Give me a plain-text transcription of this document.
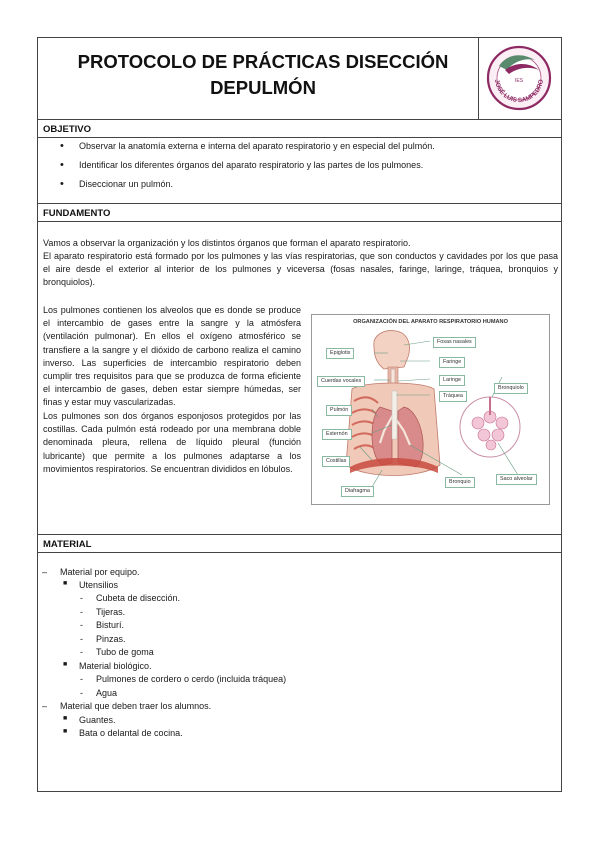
PROTOCOLO DE PRÁCTICAS DISECCIÓN
DEPULMÓN	IES
JOSÉ LUIS SAMPEDRO
OBJETIVO
FUNDAMENTO
Vamos a observar la organización y los distintos órganos que forman el aparato respiratorio.
El aparato respiratorio está formado por los pulmones y las vías respiratorias, que son conductos y cavidades por los que pasa el aire desde el exterior al interior de los pulmones y viceversa (fosas nasales, faringe, laringe, tráquea, bronquios y bronquiolos).
Los pulmones contienen los alveolos que es donde se produce el intercambio de gases entre la sangre y la atmósfera (ventilación pulmonar). En ellos el oxígeno atmosférico se transfiere a la sangre y el dióxido de carbono realiza el camino inverso. Las superficies de intercambio respiratorio deben cumplir tres requisitos para que se produzca de forma eficiente el intercambio de gases, deben estar siempre húmedas, ser finas y estar muy vascularizadas.
Los pulmones son dos órganos esponjosos protegidos por las costillas. Cada pulmón está rodeado por una membrana doble denominada pleura, rellena de líquido pleural (función lubricante) que permite a los pulmones adaptarse a los movimientos respiratorios. Se encuentran divididos en lóbulos.
ORGANIZACIÓN DEL APARATO RESPIRATORIO HUMANO
Fosas nasales
Epiglotis
Faringe
Cuerdas vocales	Laringe
Tráquea
Bronquiolo
Pulmón
Esternón
Costillas
Saco alveolar
Bronquio
Diafragma
MATERIAL
• Observar la anatomía externa e interna del aparato respiratorio y en especial del pulmón.
• Identificar los diferentes órganos del aparato respiratorio y las partes de los pulmones.
• Diseccionar un pulmón.
– Material por equipo.
■ Utensilios
- Cubeta de disección.
- Tijeras.
- Bisturí.
- Pinzas.
- Tubo de goma
■ Material biológico.
- Pulmones de cordero o cerdo (incluida tráquea)
- Agua
– Material que deben traer los alumnos.
■ Guantes.
■ Bata o delantal de cocina.
